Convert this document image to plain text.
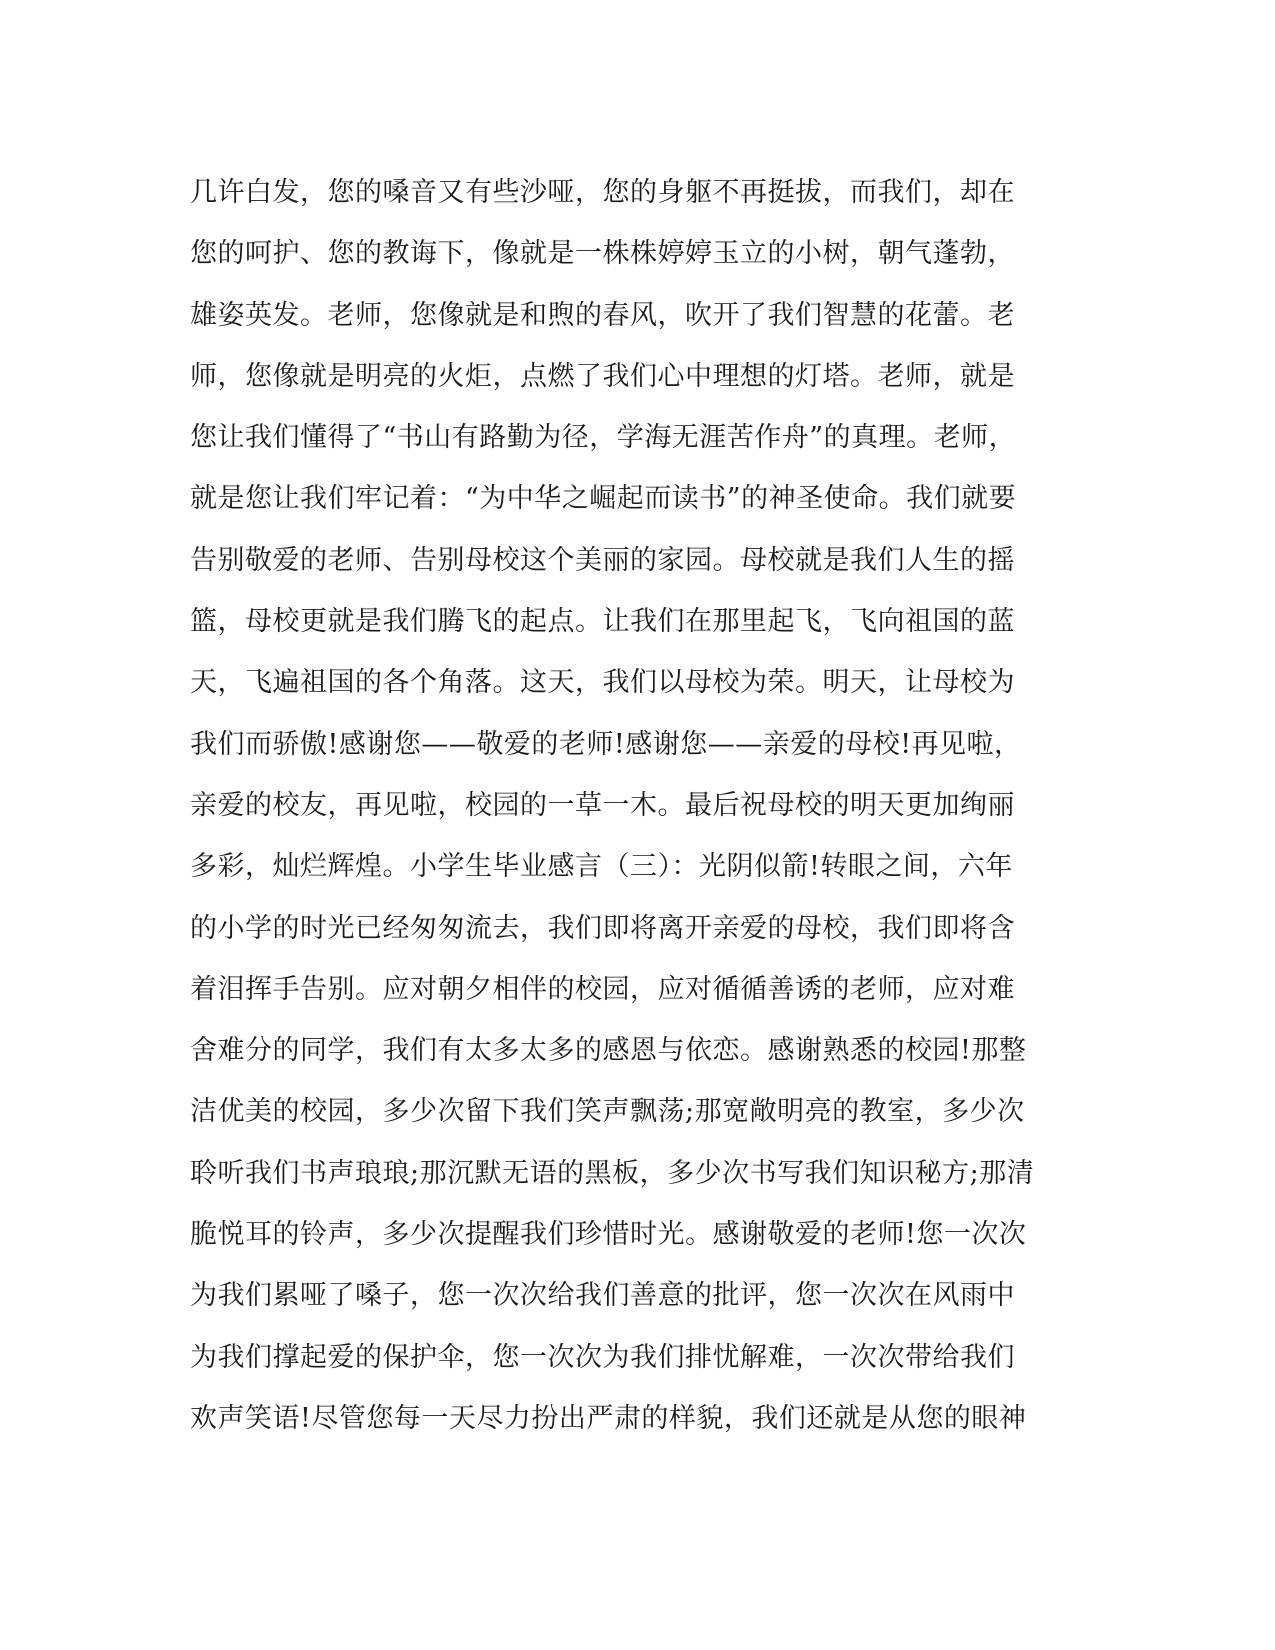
几许白发，您的嗓音又有些沙哑，您的身躯不再挺拔，而我们，却在
您的呵护、您的教诲下，像就是一株株婷婷玉立的小树，朝气蓬勃，
雄姿英发。老师，您像就是和煦的春风，吹开了我们智慧的花蕾。老
师，您像就是明亮的火炬，点燃了我们心中理想的灯塔。老师，就是
您让我们懂得了“书山有路勤为径，学海无涯苦作舟”的真理。老师，
就是您让我们牢记着：“为中华之崛起而读书”的神圣使命。我们就要
告别敬爱的老师、告别母校这个美丽的家园。母校就是我们人生的摇
篮，母校更就是我们腾飞的起点。让我们在那里起飞，飞向祖国的蓝
天，飞遍祖国的各个角落。这天，我们以母校为荣。明天，让母校为
我们而骄傲!感谢您——敬爱的老师!感谢您——亲爱的母校!再见啦，
亲爱的校友，再见啦，校园的一草一木。最后祝母校的明天更加绚丽
多彩，灿烂辉煌。小学生毕业感言（三）：光阴似箭!转眼之间，六年
的小学的时光已经匆匆流去，我们即将离开亲爱的母校，我们即将含
着泪挥手告别。应对朝夕相伴的校园，应对循循善诱的老师，应对难
舍难分的同学，我们有太多太多的感恩与依恋。感谢熟悉的校园!那整
洁优美的校园，多少次留下我们笑声飘荡;那宽敞明亮的教室，多少次
聆听我们书声琅琅;那沉默无语的黑板，多少次书写我们知识秘方;那清
脆悦耳的铃声，多少次提醒我们珍惜时光。感谢敬爱的老师!您一次次
为我们累哑了嗓子，您一次次给我们善意的批评，您一次次在风雨中
为我们撑起爱的保护伞，您一次次为我们排忧解难，一次次带给我们
欢声笑语!尽管您每一天尽力扮出严肃的样貌，我们还就是从您的眼神
